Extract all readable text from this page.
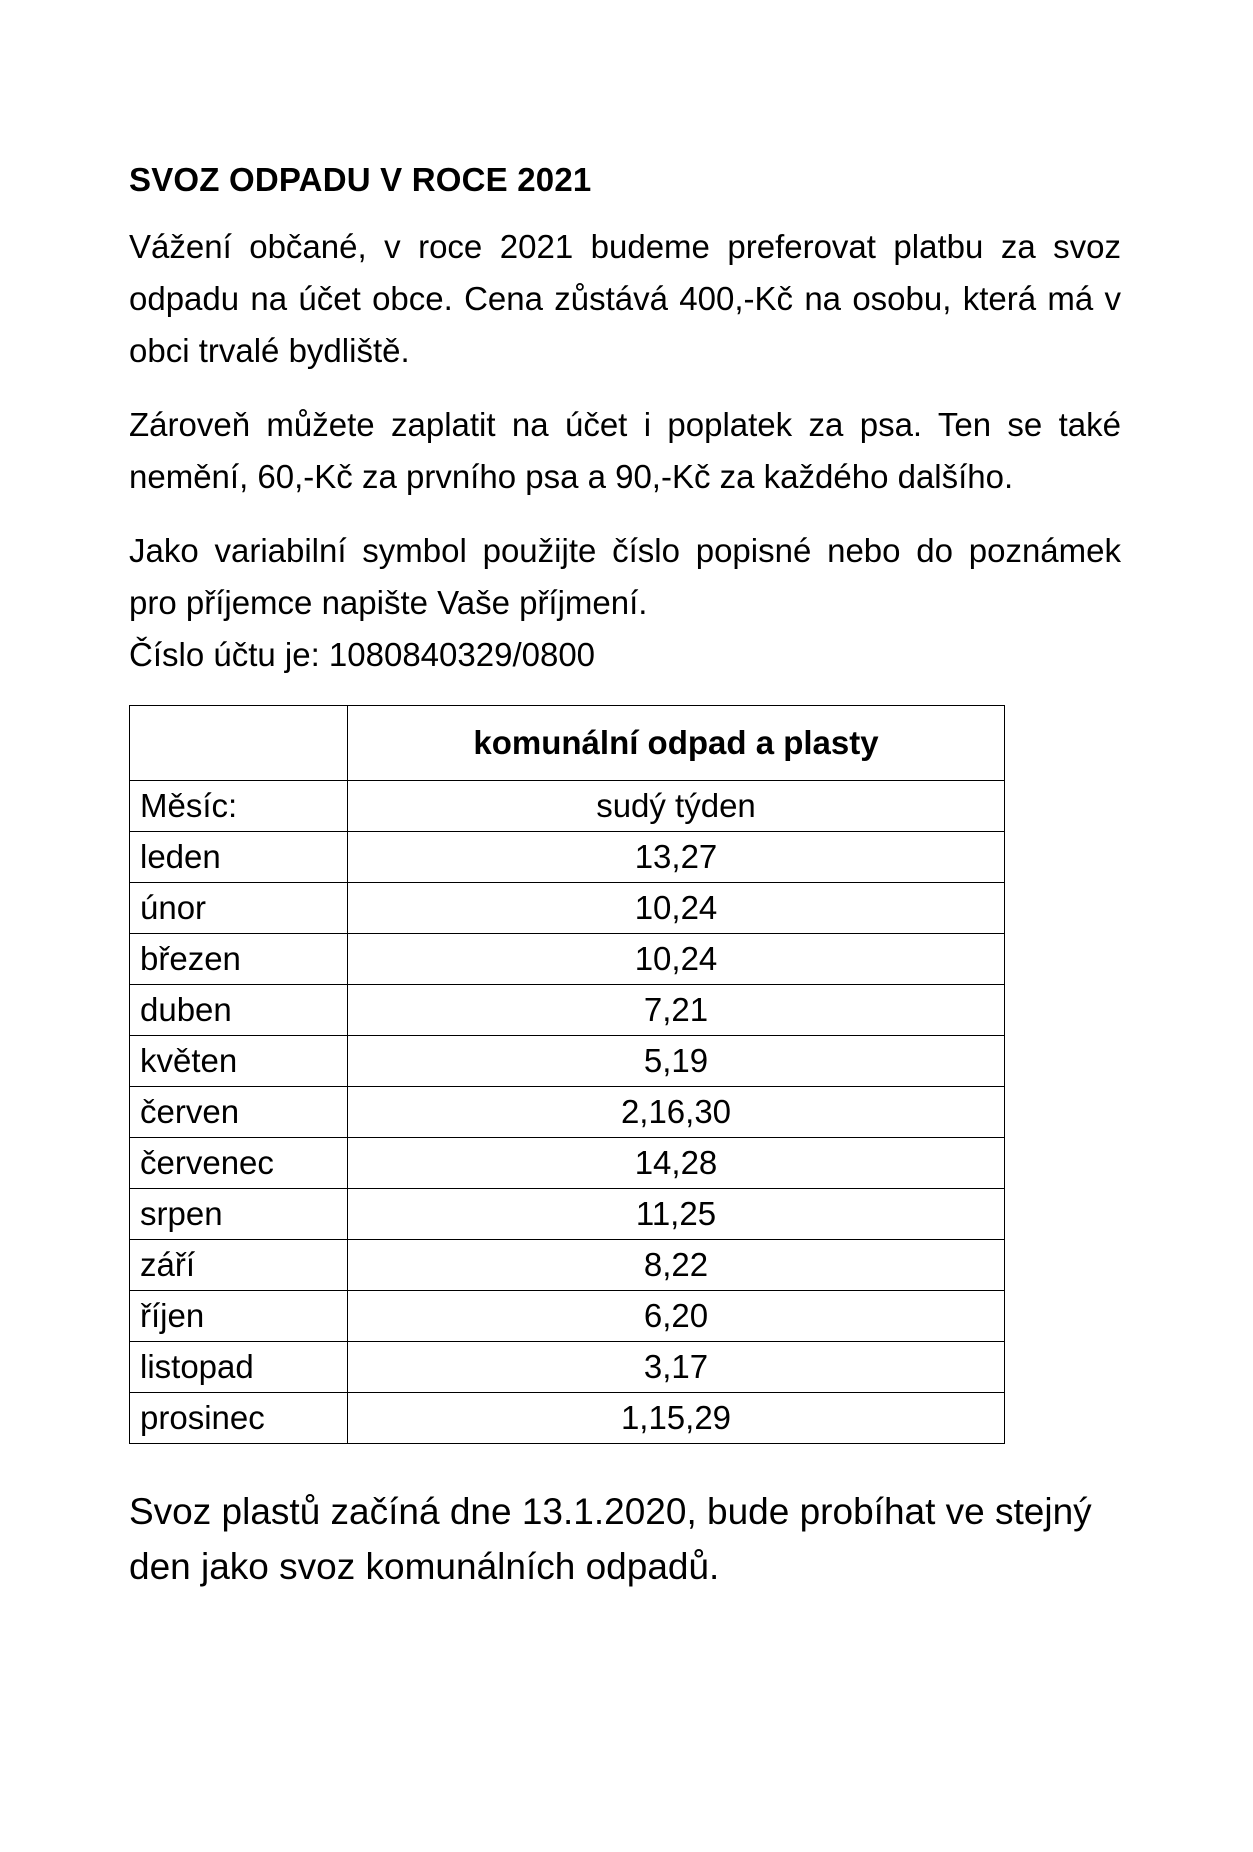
SVOZ ODPADU V ROCE 2021

Vážení občané, v roce 2021 budeme preferovat platbu za svoz odpadu na účet obce. Cena zůstává 400,-Kč na osobu, která má v obci trvalé bydliště.

Zároveň můžete zaplatit na účet i poplatek za psa. Ten se také nemění, 60,-Kč za prvního psa a 90,-Kč za každého dalšího.

Jako variabilní symbol použijte číslo popisné nebo do poznámek pro příjemce napište Vaše příjmení.
Číslo účtu je: 1080840329/0800

	komunální odpad a plasty
Měsíc:	sudý týden
leden	13,27
únor	10,24
březen	10,24
duben	7,21
květen	5,19
červen	2,16,30
červenec	14,28
srpen	11,25
září	8,22
říjen	6,20
listopad	3,17
prosinec	1,15,29
Svoz plastů začíná dne 13.1.2020, bude probíhat ve stejný den jako svoz komunálních odpadů.
